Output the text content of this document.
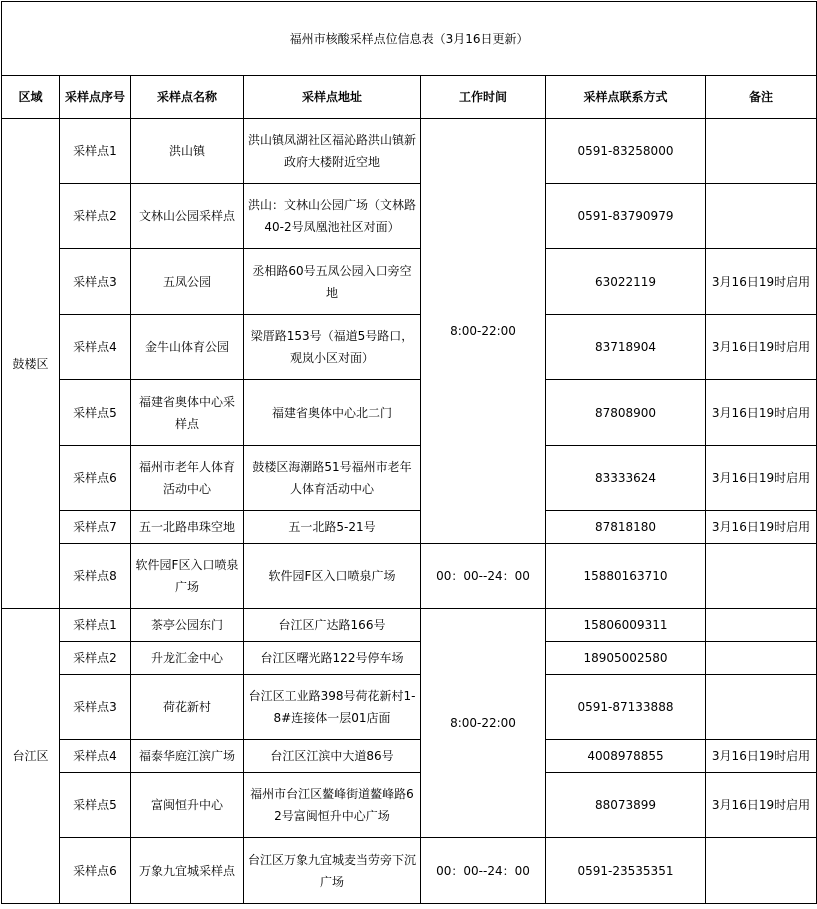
福州市核酸采样点位信息表（3月16日更新）						
区域	采样点序号	采样点名称	采样点地址	工作时间	采样点联系方式	备注
鼓楼区	采样点1	洪山镇	洪山镇凤湖社区福沁路洪山镇新政府大楼附近空地	8:00-22:00	0591-83258000	
	采样点2	文林山公园采样点	洪山：文林山公园广场（文林路40-2号凤凰池社区对面）		0591-83790979	
	采样点3	五凤公园	丞相路60号五凤公园入口旁空地		63022119	3月16日19时启用
	采样点4	金牛山体育公园	梁厝路153号（福道5号路口，观岚小区对面）		83718904	3月16日19时启用
	采样点5	福建省奥体中心采样点	福建省奥体中心北二门		87808900	3月16日19时启用
	采样点6	福州市老年人体育活动中心	鼓楼区海潮路51号福州市老年人体育活动中心		83333624	3月16日19时启用
	采样点7	五一北路串珠空地	五一北路5-21号		87818180	3月16日19时启用
	采样点8	软件园F区入口喷泉广场	软件园F区入口喷泉广场	00：00--24：00	15880163710	
台江区	采样点1	茶亭公园东门	台江区广达路166号	8:00-22:00	15806009311	
	采样点2	升龙汇金中心	台江区曙光路122号停车场		18905002580	
	采样点3	荷花新村	台江区工业路398号荷花新村1-8#连接体一层01店面		0591-87133888	
	采样点4	福泰华庭江滨广场	台江区江滨中大道86号		4008978855	3月16日19时启用
	采样点5	富闽恒升中心	福州市台江区鳌峰街道鳌峰路62号富闽恒升中心广场		88073899	3月16日19时启用
	采样点6	万象九宜城采样点	台江区万象九宜城麦当劳旁下沉广场	00：00--24：00	0591-23535351	
